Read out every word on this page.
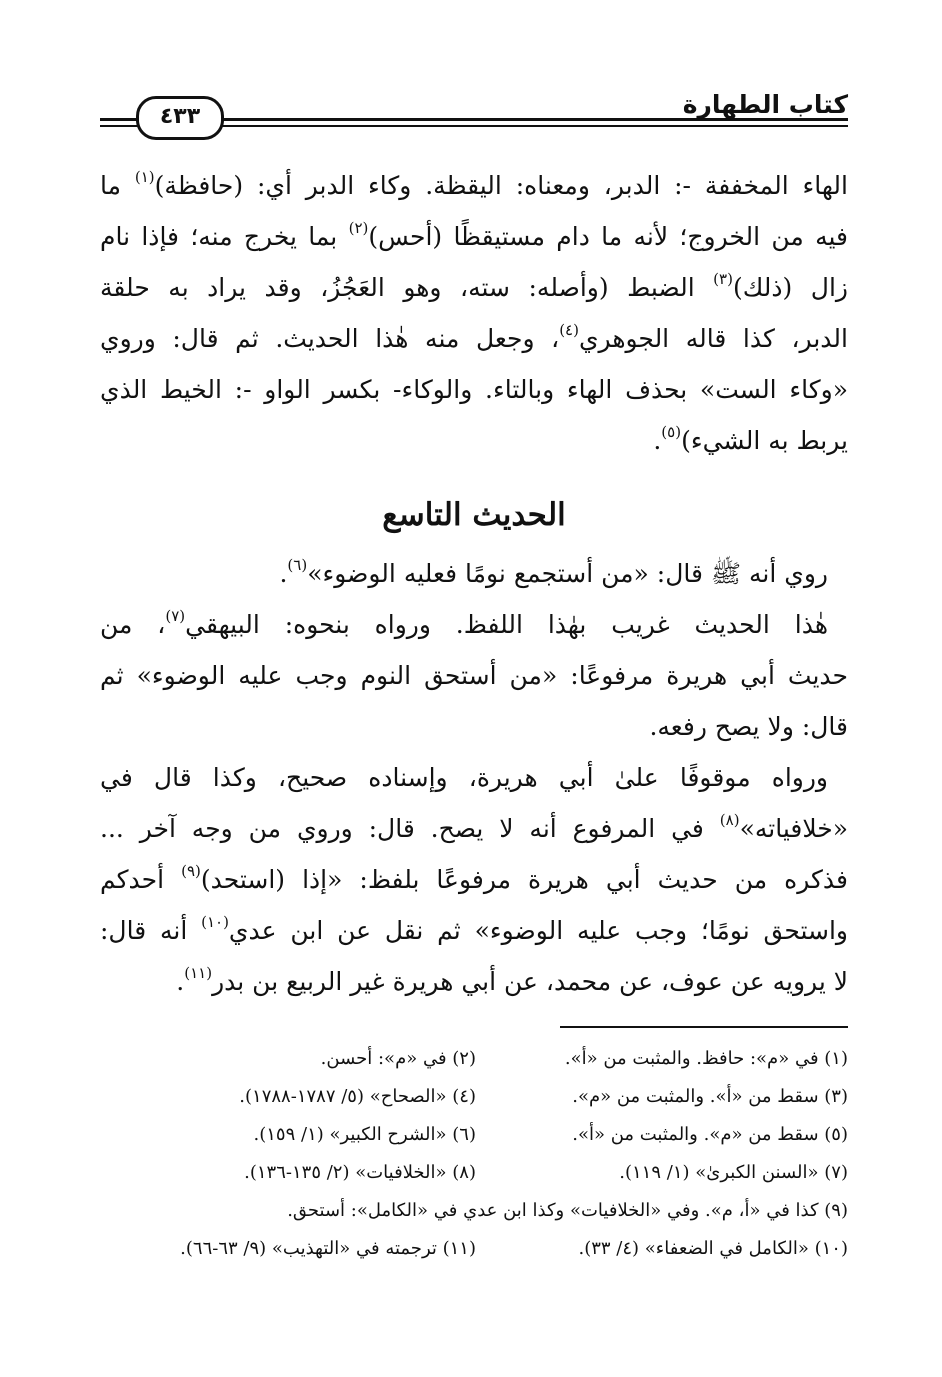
كتاب الطهارة
٤٣٣
الهاء المخففة -: الدبر، ومعناه: اليقظة. وكاء الدبر أي: (حافظة)$^{(١)}$ ما
فيه من الخروج؛ لأنه ما دام مستيقظًا (أحس)$^{(٢)}$ بما يخرج منه؛ فإذا نام
زال (ذلك)$^{(٣)}$ الضبط (وأصله: سته، وهو العَجُزُ، وقد يراد به حلقة
الدبر، كذا قاله الجوهري$^{(٤)}$، وجعل منه هٰذا الحديث. ثم قال: وروي
«وكاء الست» بحذف الهاء وبالتاء. والوكاء- بكسر الواو -: الخيط الذي
يربط به الشيء)$^{(٥)}$.
الحديث التاسع
روي أنه ﷺ قال: «من أستجمع نومًا فعليه الوضوء»$^{(٦)}$.
هٰذا الحديث غريب بهٰذا اللفظ. ورواه بنحوه: البيهقي$^{(٧)}$، من
حديث أبي هريرة مرفوعًا: «من أستحق النوم وجب عليه الوضوء» ثم
قال: ولا يصح رفعه.
ورواه موقوفًا علىٰ أبي هريرة، وإسناده صحيح، وكذا قال في
«خلافياته»$^{(٨)}$ في المرفوع أنه لا يصح. قال: وروي من وجه آخر ...
فذكره من حديث أبي هريرة مرفوعًا بلفظ: «إذا (استحد)$^{(٩)}$ أحدكم
واستحق نومًا؛ وجب عليه الوضوء» ثم نقل عن ابن عدي$^{(١٠)}$ أنه قال:
لا يرويه عن عوف، عن محمد، عن أبي هريرة غير الربيع بن بدر$^{(١١)}$.
(١) في «م»: حافظ. والمثبت من «أ».
(٢) في «م»: أحسن.
(٣) سقط من «أ». والمثبت من «م».
(٤) «الصحاح» (٥/ ١٧٨٧-١٧٨٨).
(٥) سقط من «م». والمثبت من «أ».
(٦) «الشرح الكبير» (١/ ١٥٩).
(٧) «السنن الكبرىٰ» (١/ ١١٩).
(٨) «الخلافيات» (٢/ ١٣٥-١٣٦).
(٩) كذا في «أ، م». وفي «الخلافيات» وكذا ابن عدي في «الكامل»: أستحق.
(١٠) «الكامل في الضعفاء» (٤/ ٣٣).
(١١) ترجمته في «التهذيب» (٩/ ٦٣-٦٦).
